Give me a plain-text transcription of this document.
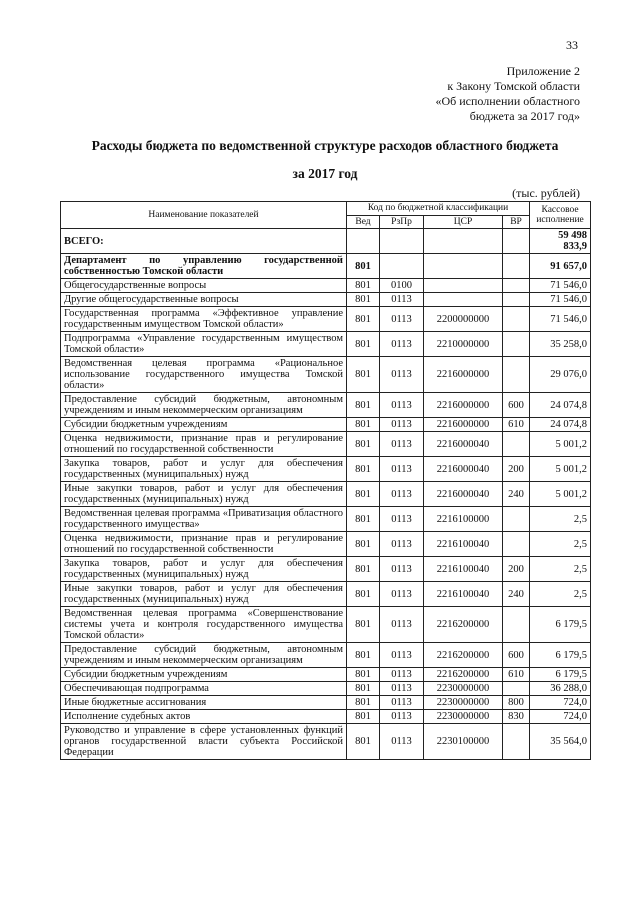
33
Приложение 2
к Закону Томской области
«Об исполнении областного
бюджета за 2017 год»
Расходы бюджета по ведомственной структуре расходов областного бюджета
за 2017 год
(тыс. рублей)
Наименование показателей	Код по бюджетной классификации				Кассовое исполнение
	Вед	РзПр	ЦСР	ВР	
ВСЕГО:					59 498 833,9
Департамент по управлению государственной собственностью Томской области	801				91 657,0
Общегосударственные вопросы	801	0100			71 546,0
Другие общегосударственные вопросы	801	0113			71 546,0
Государственная программа «Эффективное управление государственным имуществом Томской области»	801	0113	2200000000		71 546,0
Подпрограмма «Управление государственным имуществом Томской области»	801	0113	2210000000		35 258,0
Ведомственная целевая программа «Рациональное использование государственного имущества Томской области»	801	0113	2216000000		29 076,0
Предоставление субсидий бюджетным, автономным учреждениям и иным некоммерческим организациям	801	0113	2216000000	600	24 074,8
Субсидии бюджетным учреждениям	801	0113	2216000000	610	24 074,8
Оценка недвижимости, признание прав и регулирование отношений по государственной собственности	801	0113	2216000040		5 001,2
Закупка товаров, работ и услуг для обеспечения государственных (муниципальных) нужд	801	0113	2216000040	200	5 001,2
Иные закупки товаров, работ и услуг для обеспечения государственных (муниципальных) нужд	801	0113	2216000040	240	5 001,2
Ведомственная целевая программа «Приватизация областного государственного имущества»	801	0113	2216100000		2,5
Оценка недвижимости, признание прав и регулирование отношений по государственной собственности	801	0113	2216100040		2,5
Закупка товаров, работ и услуг для обеспечения государственных (муниципальных) нужд	801	0113	2216100040	200	2,5
Иные закупки товаров, работ и услуг для обеспечения государственных (муниципальных) нужд	801	0113	2216100040	240	2,5
Ведомственная целевая программа «Совершенствование системы учета и контроля государственного имущества Томской области»	801	0113	2216200000		6 179,5
Предоставление субсидий бюджетным, автономным учреждениям и иным некоммерческим организациям	801	0113	2216200000	600	6 179,5
Субсидии бюджетным учреждениям	801	0113	2216200000	610	6 179,5
Обеспечивающая подпрограмма	801	0113	2230000000		36 288,0
Иные бюджетные ассигнования	801	0113	2230000000	800	724,0
Исполнение судебных актов	801	0113	2230000000	830	724,0
Руководство и управление в сфере установленных функций органов государственной власти субъекта Российской Федерации	801	0113	2230100000		35 564,0
